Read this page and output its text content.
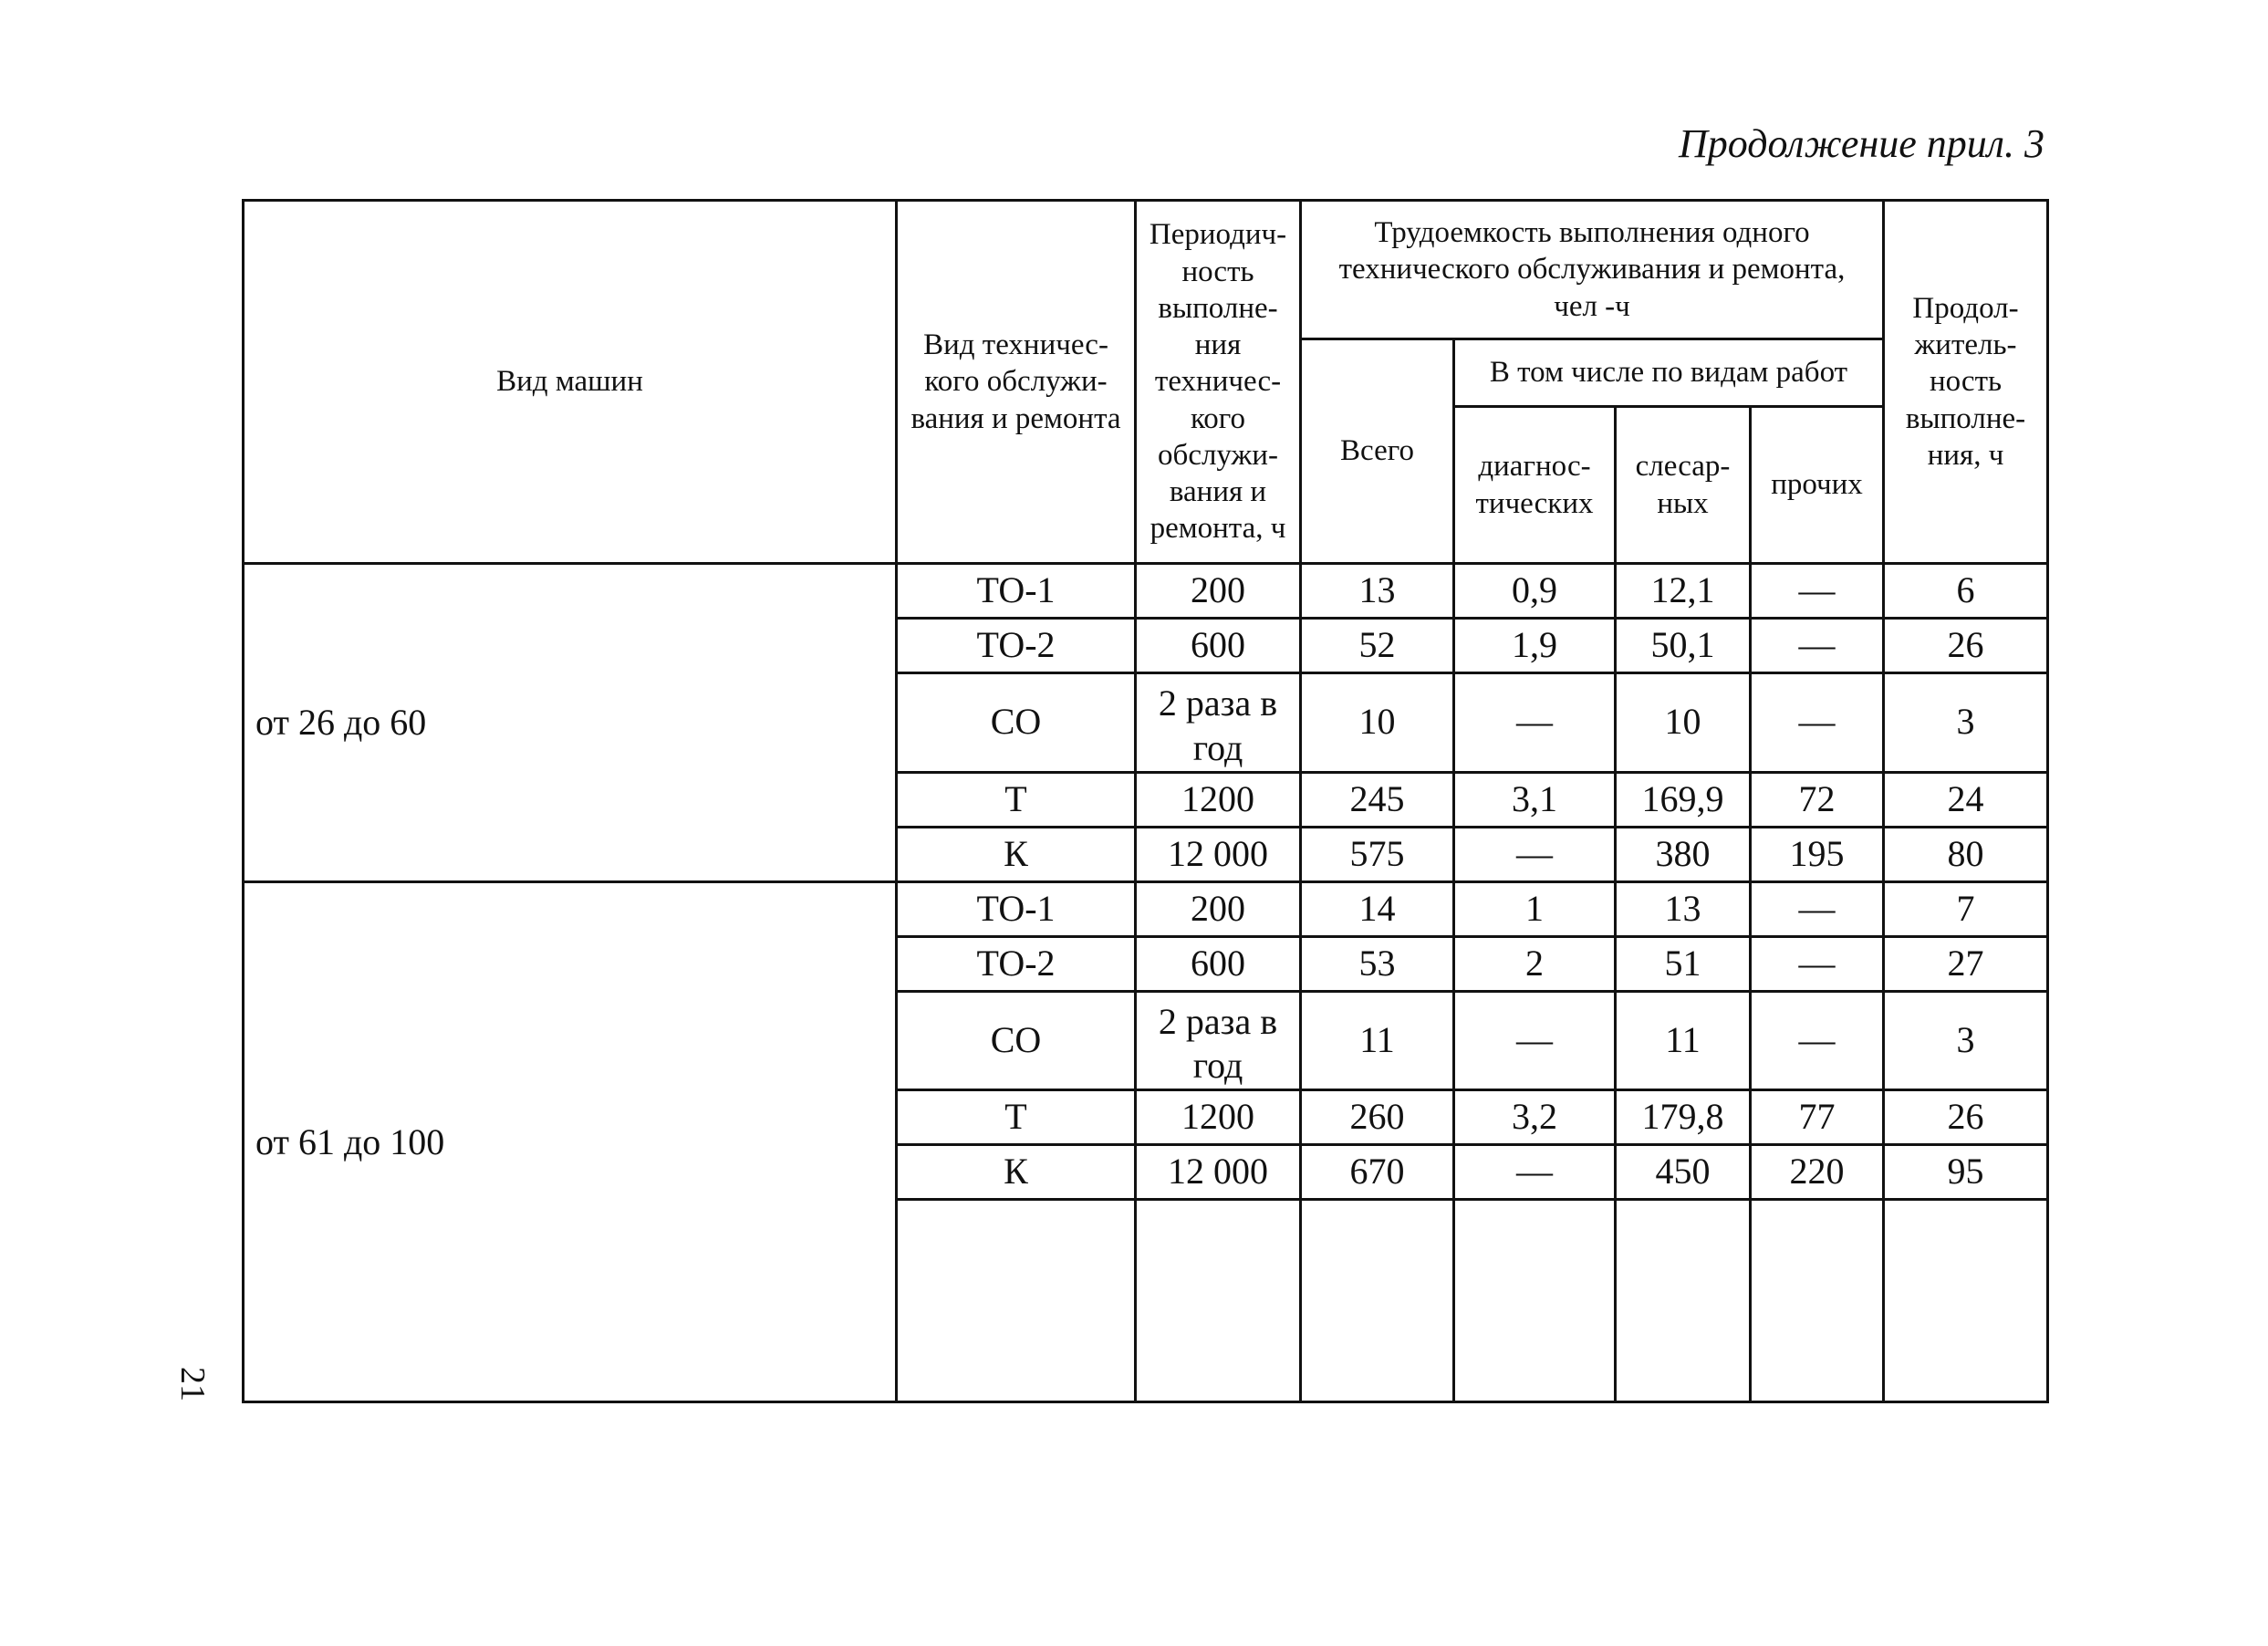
Продолжение прил. 3
21
Вид машин	Вид техничес-кого обслужи-вания и ремонта	Периодич-ность выполне-ния техничес-кого обслужи-вания и ремонта, ч	Трудоемкость выполнения одного технического обслуживания и ремонта, чел -ч				Продол-житель-ность выполне-ния, ч
			Всего	В том числе по видам работ			
				диагнос-тических	слесар-ных	прочих	
от 26 до 60	ТО-1	200	13	0,9	12,1	—	6
	ТО-2	600	52	1,9	50,1	—	26
	СО	2 раза в год	10	—	10	—	3
	Т	1200	245	3,1	169,9	72	24
	К	12 000	575	—	380	195	80
от 61 до 100	ТО-1	200	14	1	13	—	7
	ТО-2	600	53	2	51	—	27
	СО	2 раза в год	11	—	11	—	3
	Т	1200	260	3,2	179,8	77	26
	К	12 000	670	—	450	220	95
